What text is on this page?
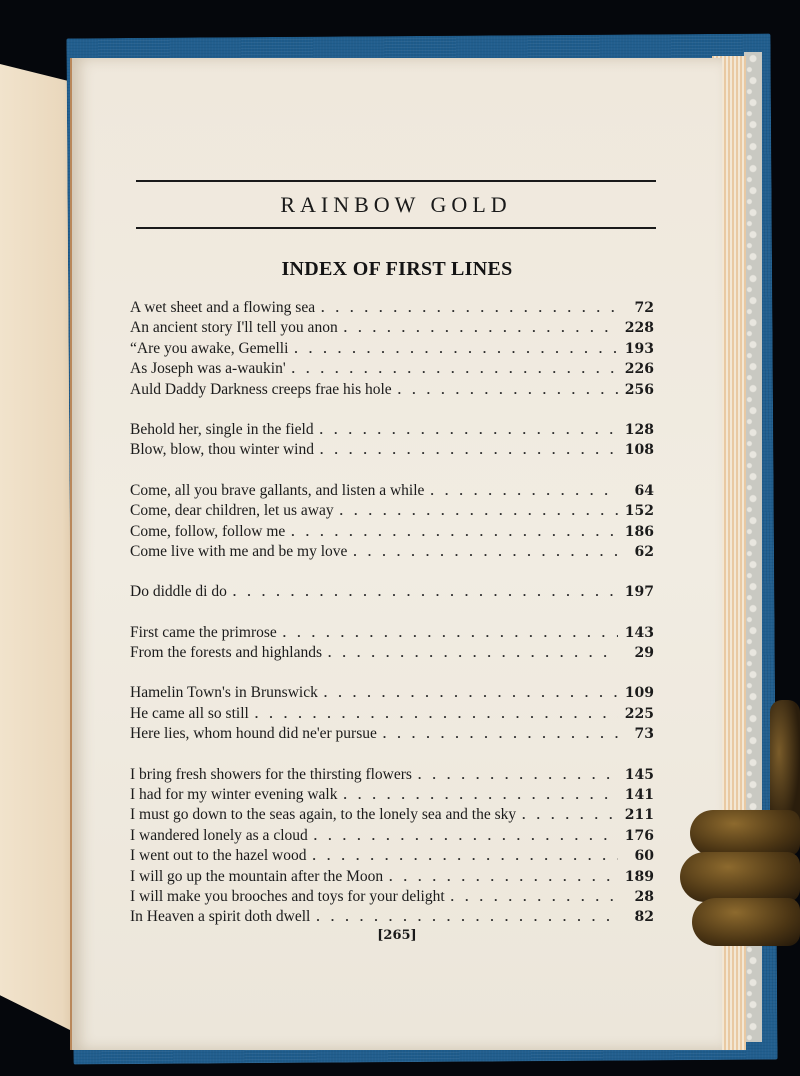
RAINBOW GOLD
INDEX OF FIRST LINES
A wet sheet and a flowing sea . . .	72
An ancient story I'll tell you anon . . .	228
“Are you awake, Gemelli . . .	193
As Joseph was a-waukin' . . .	226
Auld Daddy Darkness creeps frae his hole . . .	256
Behold her, single in the field . . .	128
Blow, blow, thou winter wind . . .	108
Come, all you brave gallants, and listen a while . . .	64
Come, dear children, let us away . . .	152
Come, follow, follow me . . .	186
Come live with me and be my love . . .	62
Do diddle di do . . .	197
First came the primrose . . .	143
From the forests and highlands . . .	29
Hamelin Town's in Brunswick . . .	109
He came all so still . . .	225
Here lies, whom hound did ne'er pursue . . .	73
I bring fresh showers for the thirsting flowers . . .	145
I had for my winter evening walk . . .	141
I must go down to the seas again, to the lonely sea and the sky . . .	211
I wandered lonely as a cloud . . .	176
I went out to the hazel wood . . .	60
I will go up the mountain after the Moon . . .	189
I will make you brooches and toys for your delight . . .	28
In Heaven a spirit doth dwell . . .	82
[265]
